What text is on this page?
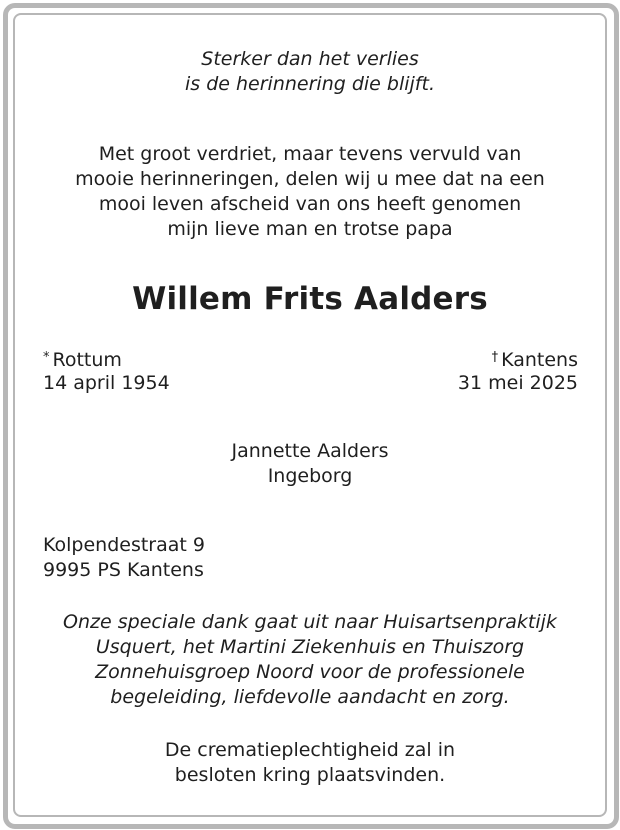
Sterker dan het verlies
is de herinnering die blijft.
Met groot verdriet, maar tevens vervuld van
mooie herinneringen, delen wij u mee dat na een
mooi leven afscheid van ons heeft genomen
mijn lieve man en trotse papa
Willem Frits Aalders
* Rottum
14 april 1954
† Kantens
31 mei 2025
Jannette Aalders
Ingeborg
Kolpendestraat 9
9995 PS Kantens
Onze speciale dank gaat uit naar Huisartsenpraktijk
Usquert, het Martini Ziekenhuis en Thuiszorg
Zonnehuisgroep Noord voor de professionele
begeleiding, liefdevolle aandacht en zorg.
De crematieplechtigheid zal in
besloten kring plaatsvinden.
